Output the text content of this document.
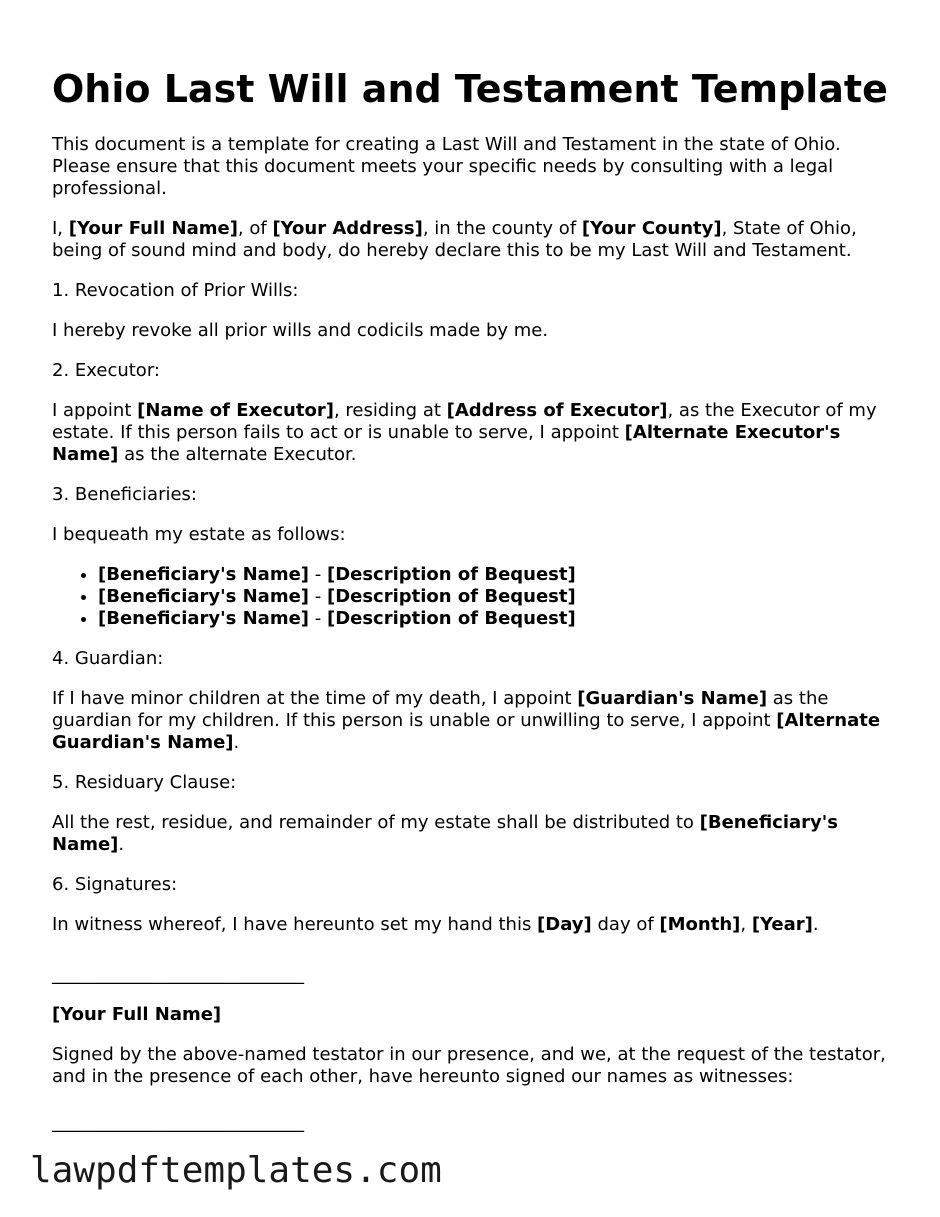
Ohio Last Will and Testament Template

This document is a template for creating a Last Will and Testament in the state of Ohio. Please ensure that this document meets your specific needs by consulting with a legal professional.

I, [Your Full Name], of [Your Address], in the county of [Your County], State of Ohio, being of sound mind and body, do hereby declare this to be my Last Will and Testament.

1. Revocation of Prior Wills:

I hereby revoke all prior wills and codicils made by me.

2. Executor:

I appoint [Name of Executor], residing at [Address of Executor], as the Executor of my estate. If this person fails to act or is unable to serve, I appoint [Alternate Executor's Name] as the alternate Executor.

3. Beneficiaries:

I bequeath my estate as follows:

• [Beneficiary's Name] - [Description of Bequest]
• [Beneficiary's Name] - [Description of Bequest]
• [Beneficiary's Name] - [Description of Bequest]

4. Guardian:

If I have minor children at the time of my death, I appoint [Guardian's Name] as the guardian for my children. If this person is unable or unwilling to serve, I appoint [Alternate Guardian's Name].

5. Residuary Clause:

All the rest, residue, and remainder of my estate shall be distributed to [Beneficiary's Name].

6. Signatures:

In witness whereof, I have hereunto set my hand this [Day] day of [Month], [Year].

____________________________

[Your Full Name]

Signed by the above-named testator in our presence, and we, at the request of the testator, and in the presence of each other, have hereunto signed our names as witnesses:

____________________________
lawpdftemplates.com
